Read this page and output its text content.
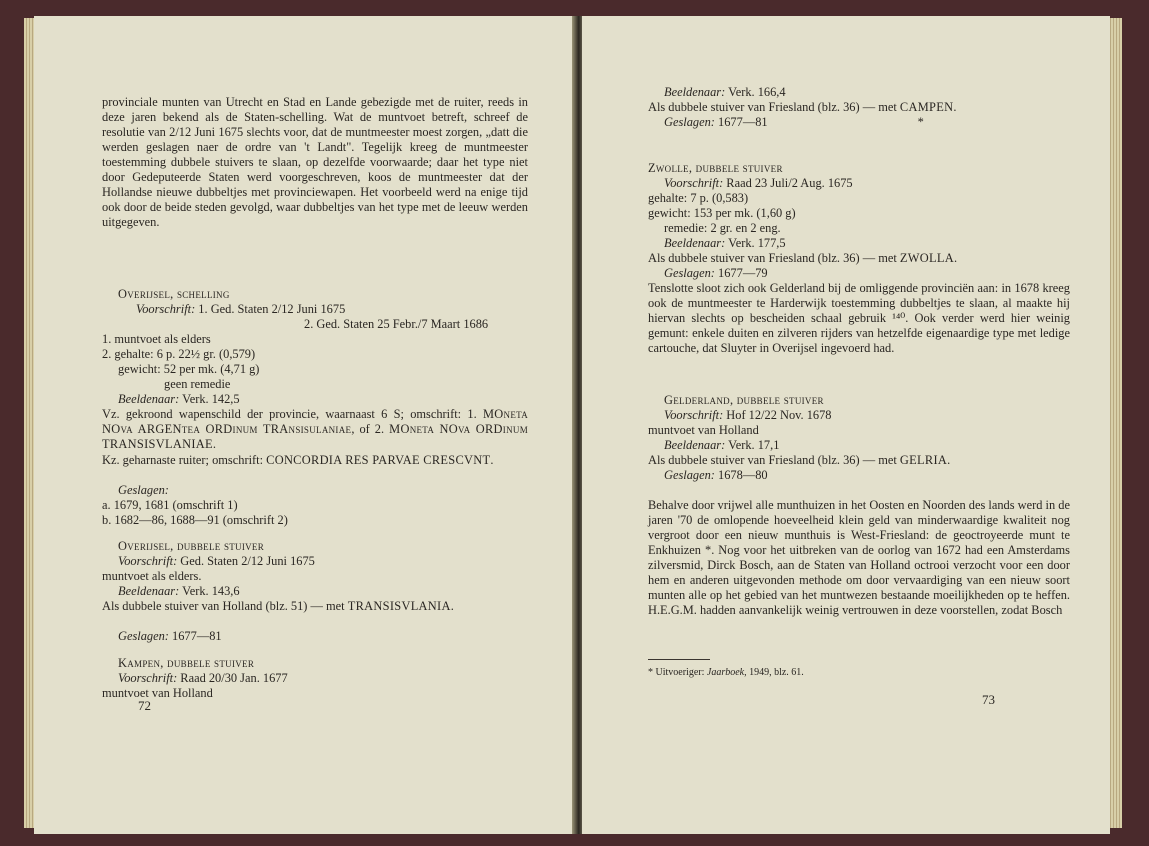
provinciale munten van Utrecht en Stad en Lande gebezigde met de ruiter, reeds in deze jaren bekend als de Staten-schelling. Wat de muntvoet betreft, schreef de resolutie van 2/12 Juni 1675 slechts voor, dat de muntmeester moest zorgen, „datt die werden geslagen naer de ordre van 't Landt". Tegelijk kreeg de muntmeester toestemming dubbele stuivers te slaan, op dezelfde voorwaarde; daar het type niet door Gedeputeerde Staten werd voorgeschreven, koos de muntmeester dat der Hollandse nieuwe dubbeltjes met provinciewapen. Het voorbeeld werd na enige tijd ook door de beide steden gevolgd, waar dubbeltjes van het type met de leeuw werden uitgegeven.
Overijsel, schelling
Voorschrift: 1. Ged. Staten 2/12 Juni 1675
2. Ged. Staten 25 Febr./7 Maart 1686
1. muntvoet als elders
2. gehalte: 6 p. 22½ gr. (0,579)
gewicht: 52 per mk. (4,71 g)
geen remedie
Beeldenaar: Verk. 142,5
Vz. gekroond wapenschild der provincie, waarnaast 6 S; omschrift: 1. MOneta NOva ARGENtea ORDinum TRAnsisulaniae, of 2. MOneta NOva ORDinum TRANSISVLANIAE.
Kz. geharnaste ruiter; omschrift: CONCORDIA RES PARVAE CRESCVNT.
Geslagen:
a. 1679, 1681 (omschrift 1)
b. 1682—86, 1688—91 (omschrift 2)
Overijsel, dubbele stuiver
Voorschrift: Ged. Staten 2/12 Juni 1675
muntvoet als elders.
Beeldenaar: Verk. 143,6
Als dubbele stuiver van Holland (blz. 51) — met TRANSISVLANIA.
Geslagen: 1677—81
Kampen, dubbele stuiver
Voorschrift: Raad 20/30 Jan. 1677
muntvoet van Holland
72
Beeldenaar: Verk. 166,4
Als dubbele stuiver van Friesland (blz. 36) — met CAMPEN.
Geslagen: 1677—81	*
Zwolle, dubbele stuiver
Voorschrift: Raad 23 Juli/2 Aug. 1675
gehalte: 7 p. (0,583)
gewicht: 153 per mk. (1,60 g)
remedie: 2 gr. en 2 eng.
Beeldenaar: Verk. 177,5
Als dubbele stuiver van Friesland (blz. 36) — met ZWOLLA.
Geslagen: 1677—79
Tenslotte sloot zich ook Gelderland bij de omliggende provinciën aan: in 1678 kreeg ook de muntmeester te Harderwijk toestemming dubbeltjes te slaan, al maakte hij hiervan slechts op bescheiden schaal gebruik ¹⁴⁰. Ook verder werd hier weinig gemunt: enkele duiten en zilveren rijders van hetzelfde eigenaardige type met ledige cartouche, dat Sluyter in Overijsel ingevoerd had.
Gelderland, dubbele stuiver
Voorschrift: Hof 12/22 Nov. 1678
muntvoet van Holland
Beeldenaar: Verk. 17,1
Als dubbele stuiver van Friesland (blz. 36) — met GELRIA.
Geslagen: 1678—80
Behalve door vrijwel alle munthuizen in het Oosten en Noorden des lands werd in de jaren '70 de omlopende hoeveelheid klein geld van minderwaardige kwaliteit nog vergroot door een nieuw munthuis is West-Friesland: de geoctroyeerde munt te Enkhuizen *. Nog voor het uitbreken van de oorlog van 1672 had een Amsterdams zilversmid, Dirck Bosch, aan de Staten van Holland octrooi verzocht voor een door hem en anderen uitgevonden methode om door vervaardiging van een nieuw soort munten alle op het gebied van het muntwezen bestaande moeilijkheden op te heffen. H.E.G.M. hadden aanvankelijk weinig vertrouwen in deze voorstellen, zodat Bosch
* Uitvoeriger: Jaarboek, 1949, blz. 61.
73
